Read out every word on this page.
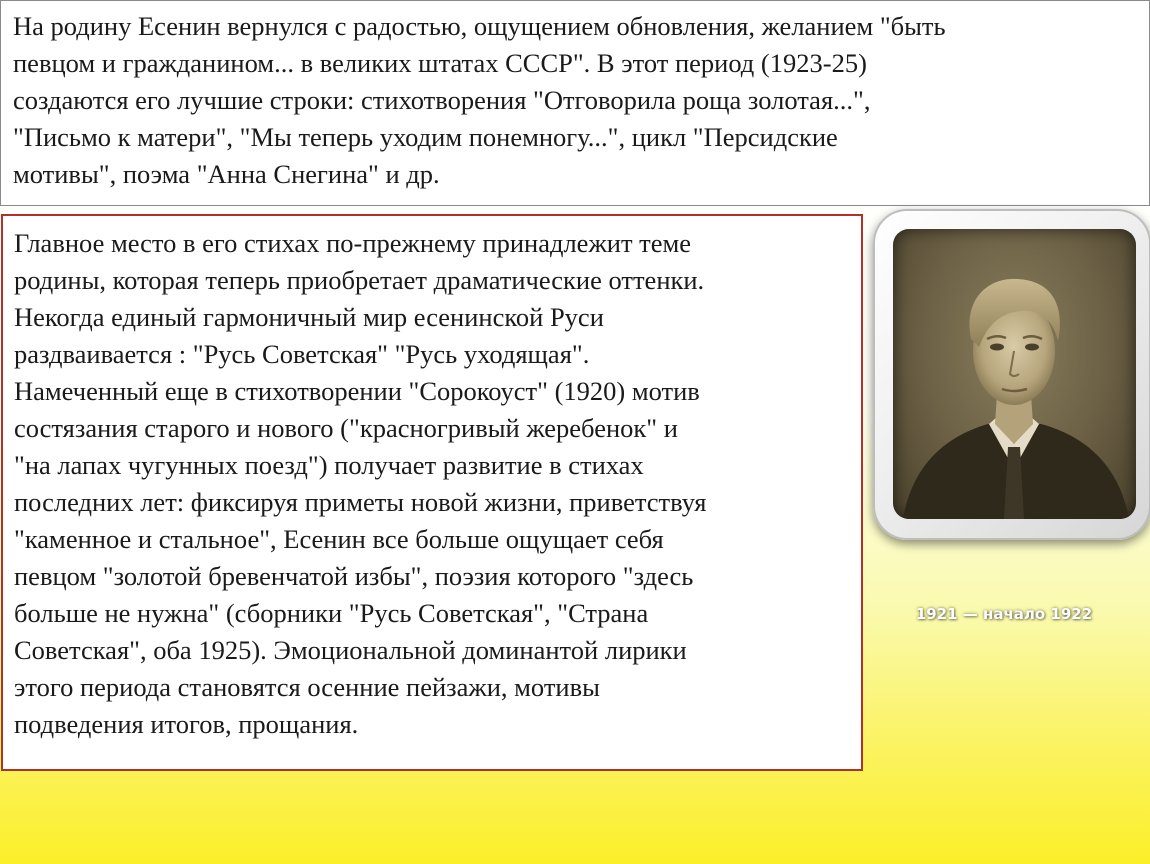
На родину Есенин вернулся с радостью, ощущением обновления, желанием "быть
певцом и гражданином... в великих штатах СССР". В этот период (1923-25)
создаются его лучшие строки: стихотворения "Отговорила роща золотая...",
"Письмо к матери", "Мы теперь уходим понемногу...", цикл "Персидские
мотивы", поэма "Анна Снегина" и др.

Главное место в его стихах по-прежнему принадлежит теме
родины, которая теперь приобретает драматические оттенки.
Некогда единый гармоничный мир есенинской Руси
раздваивается : "Русь Советская" "Русь уходящая".
Намеченный еще в стихотворении "Сорокоуст" (1920) мотив
состязания старого и нового ("красногривый жеребенок" и
"на лапах чугунных поезд") получает развитие в стихах
последних лет: фиксируя приметы новой жизни, приветствуя
"каменное и стальное", Есенин все больше ощущает себя
певцом "золотой бревенчатой избы", поэзия которого "здесь
больше не нужна" (сборники "Русь Советская", "Страна
Советская", оба 1925). Эмоциональной доминантой лирики
этого периода становятся осенние пейзажи, мотивы
подведения итогов, прощания.

1921 — начало 1922
